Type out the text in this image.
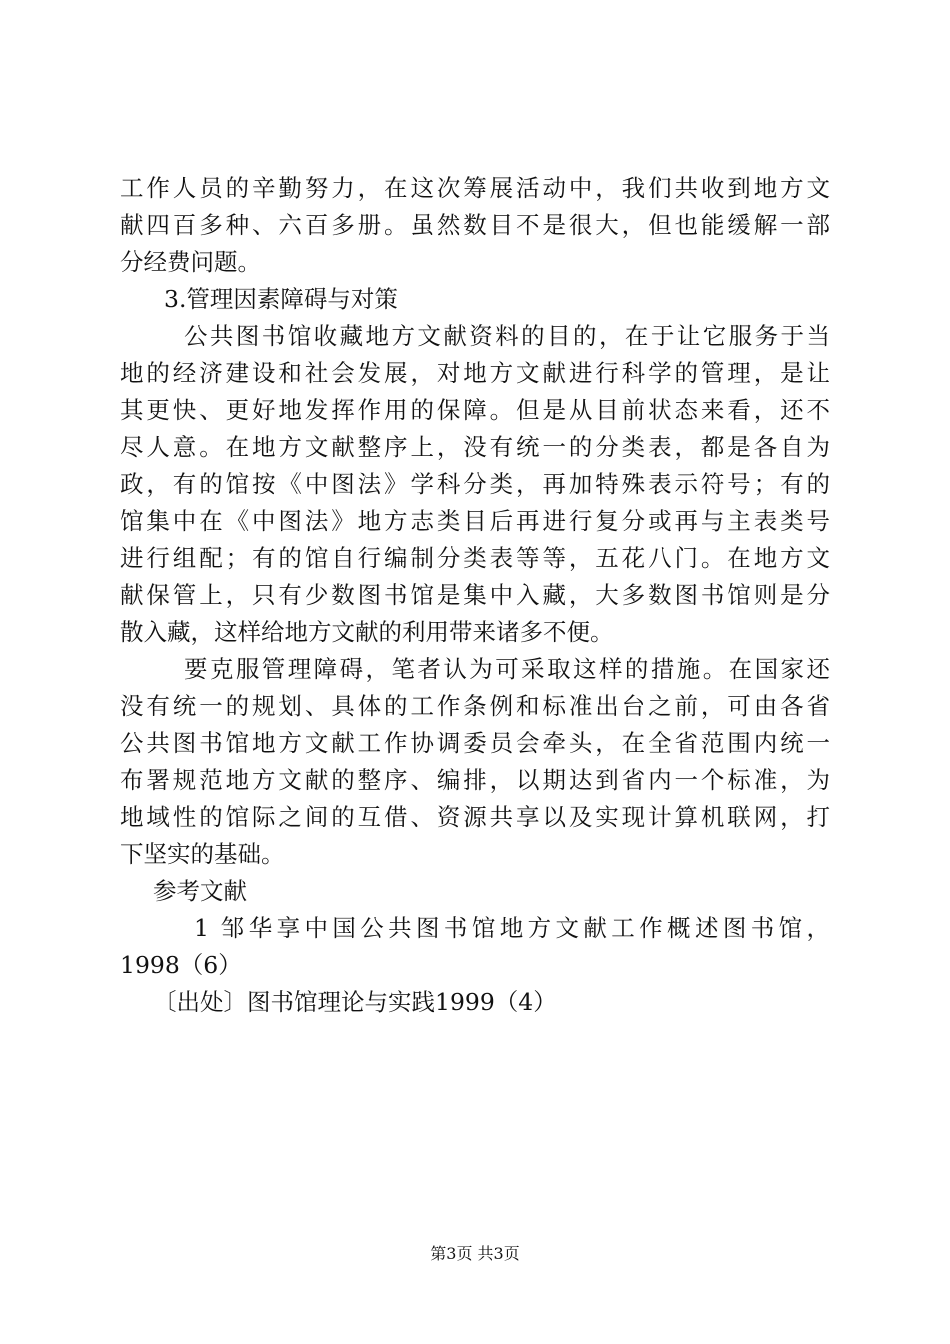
工作人员的辛勤努力，在这次筹展活动中，我们共收到地方文
献四百多种、六百多册。虽然数目不是很大，但也能缓解一部
分经费问题。
3.管理因素障碍与对策
公共图书馆收藏地方文献资料的目的，在于让它服务于当
地的经济建设和社会发展，对地方文献进行科学的管理，是让
其更快、更好地发挥作用的保障。但是从目前状态来看，还不
尽人意。在地方文献整序上，没有统一的分类表，都是各自为
政，有的馆按《中图法》学科分类，再加特殊表示符号；有的
馆集中在《中图法》地方志类目后再进行复分或再与主表类号
进行组配；有的馆自行编制分类表等等，五花八门。在地方文
献保管上，只有少数图书馆是集中入藏，大多数图书馆则是分
散入藏，这样给地方文献的利用带来诸多不便。
要克服管理障碍，笔者认为可采取这样的措施。在国家还
没有统一的规划、具体的工作条例和标准出台之前，可由各省
公共图书馆地方文献工作协调委员会牵头，在全省范围内统一
布署规范地方文献的整序、编排，以期达到省内一个标准，为
地域性的馆际之间的互借、资源共享以及实现计算机联网，打
下坚实的基础。
参考文献
1 邹华享中国公共图书馆地方文献工作概述图书馆，
1998（6）
〔出处〕图书馆理论与实践1999（4）
第3页 共3页
